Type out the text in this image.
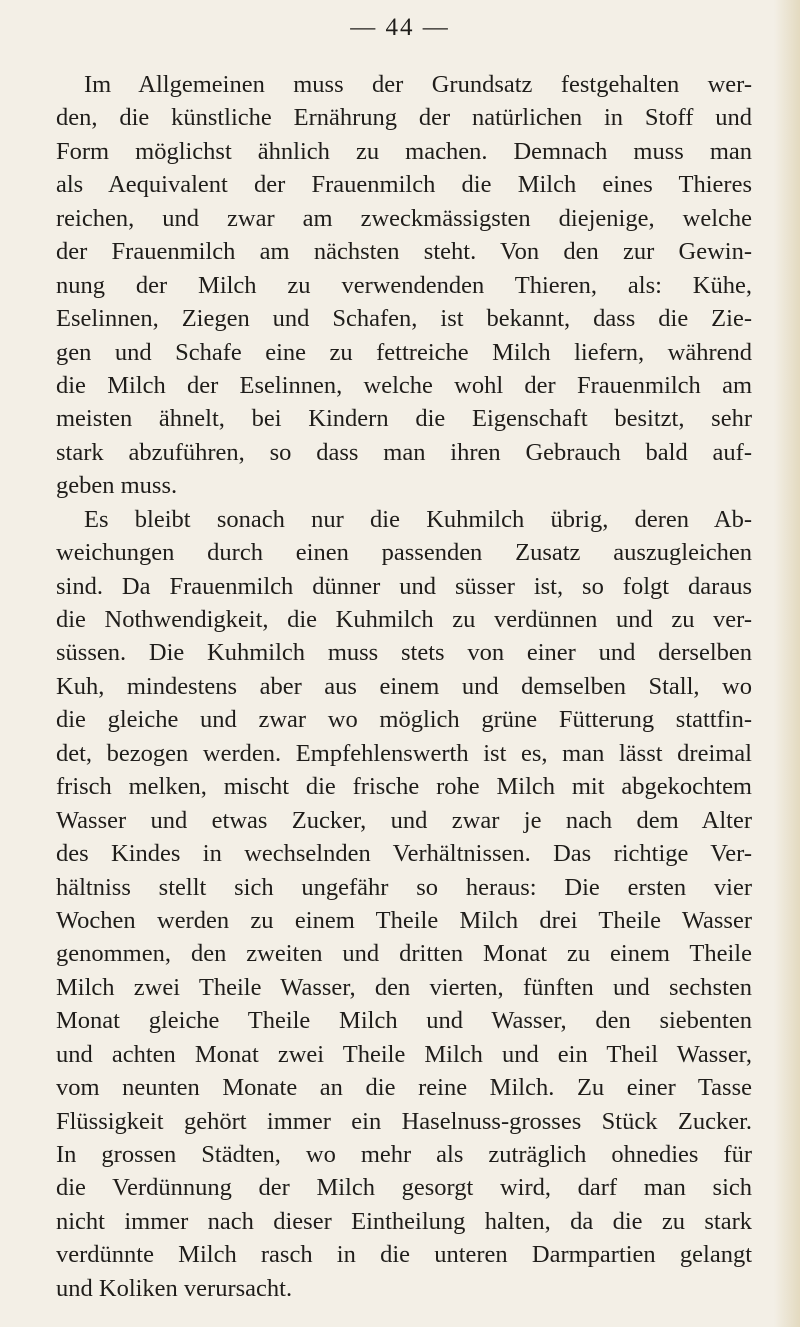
— 44 —
Im Allgemeinen muss der Grundsatz festgehalten wer-
den, die künstliche Ernährung der natürlichen in Stoff und
Form möglichst ähnlich zu machen. Demnach muss man
als Aequivalent der Frauenmilch die Milch eines Thieres
reichen, und zwar am zweckmässigsten diejenige, welche
der Frauenmilch am nächsten steht. Von den zur Gewin-
nung der Milch zu verwendenden Thieren, als: Kühe,
Eselinnen, Ziegen und Schafen, ist bekannt, dass die Zie-
gen und Schafe eine zu fettreiche Milch liefern, während
die Milch der Eselinnen, welche wohl der Frauenmilch am
meisten ähnelt, bei Kindern die Eigenschaft besitzt, sehr
stark abzuführen, so dass man ihren Gebrauch bald auf-
geben muss.
Es bleibt sonach nur die Kuhmilch übrig, deren Ab-
weichungen durch einen passenden Zusatz auszugleichen
sind. Da Frauenmilch dünner und süsser ist, so folgt daraus
die Nothwendigkeit, die Kuhmilch zu verdünnen und zu ver-
süssen. Die Kuhmilch muss stets von einer und derselben
Kuh, mindestens aber aus einem und demselben Stall, wo
die gleiche und zwar wo möglich grüne Fütterung stattfin-
det, bezogen werden. Empfehlenswerth ist es, man lässt dreimal
frisch melken, mischt die frische rohe Milch mit abgekochtem
Wasser und etwas Zucker, und zwar je nach dem Alter
des Kindes in wechselnden Verhältnissen. Das richtige Ver-
hältniss stellt sich ungefähr so heraus: Die ersten vier
Wochen werden zu einem Theile Milch drei Theile Wasser
genommen, den zweiten und dritten Monat zu einem Theile
Milch zwei Theile Wasser, den vierten, fünften und sechsten
Monat gleiche Theile Milch und Wasser, den siebenten
und achten Monat zwei Theile Milch und ein Theil Wasser,
vom neunten Monate an die reine Milch. Zu einer Tasse
Flüssigkeit gehört immer ein Haselnuss-grosses Stück Zucker.
In grossen Städten, wo mehr als zuträglich ohnedies für
die Verdünnung der Milch gesorgt wird, darf man sich
nicht immer nach dieser Eintheilung halten, da die zu stark
verdünnte Milch rasch in die unteren Darmpartien gelangt
und Koliken verursacht.
